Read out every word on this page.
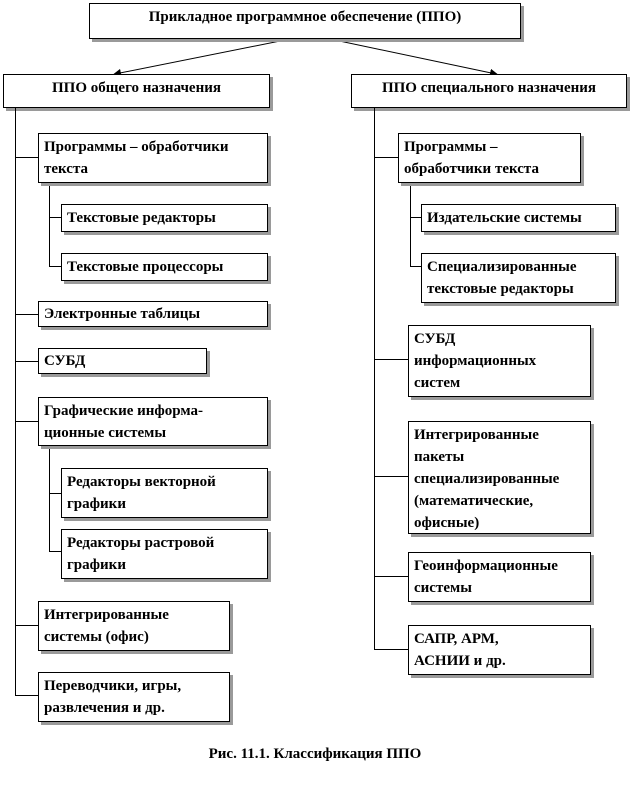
Прикладное программное обеспечение (ППО)
ППО общего назначения	ППО специального назначения
Программы – обработчики
текста
Текстовые редакторы
Текстовые процессоры
Электронные таблицы
СУБД
Графические информа-
ционные системы
Редакторы векторной
графики
Редакторы растровой
графики
Интегрированные
системы (офис)
Переводчики, игры,
развлечения и др.
Программы –
обработчики текста
Издательские системы
Специализированные
текстовые редакторы
СУБД
информационных
систем
Интегрированные
пакеты
специализированные
(математические,
офисные)
Геоинформационные
системы
САПР, АРМ,
АСНИИ и др.
Рис. 11.1. Классификация ППО
